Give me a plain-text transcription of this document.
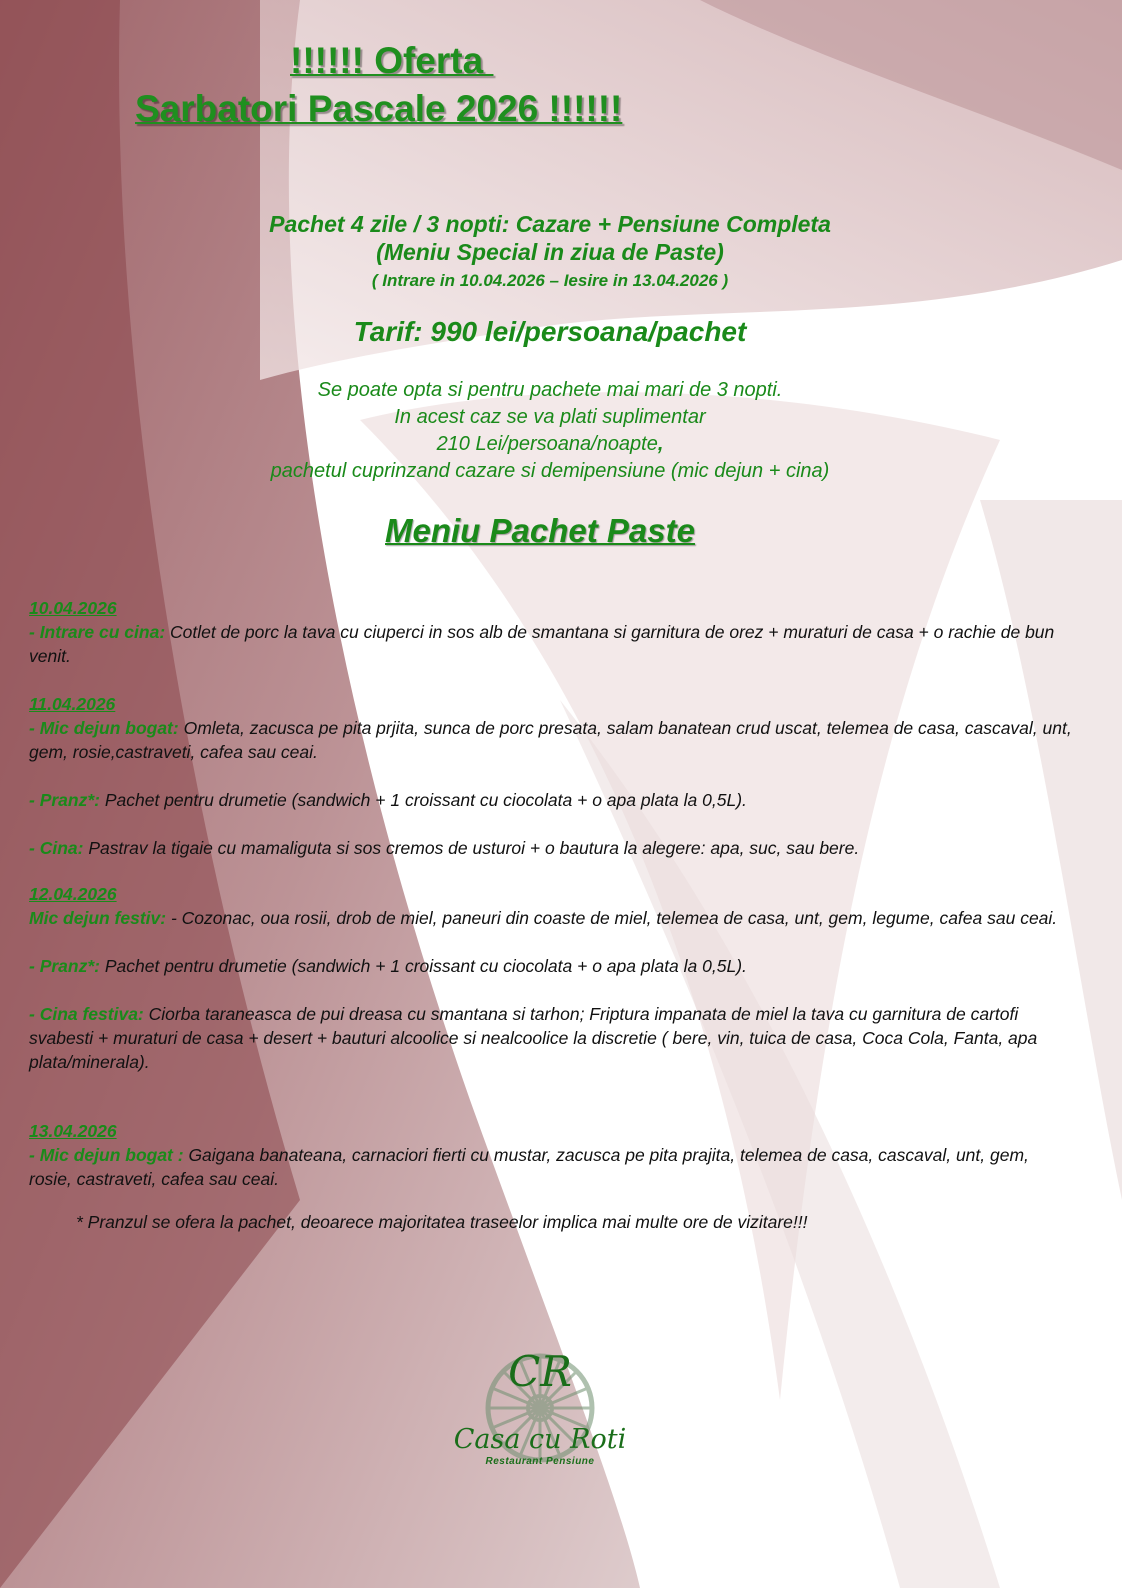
!!!!!! Oferta
Sarbatori Pascale 2026 !!!!!!
Pachet 4 zile / 3 nopti: Cazare + Pensiune Completa
(Meniu Special in ziua de Paste)
( Intrare in 10.04.2026 – Iesire in 13.04.2026 )
Tarif: 990 lei/persoana/pachet
Se poate opta si pentru pachete mai mari de 3 nopti.
In acest caz se va plati suplimentar
210 Lei/persoana/noapte,
pachetul cuprinzand cazare si demipensiune (mic dejun + cina)
Meniu Pachet Paste
10.04.2026
- Intrare cu cina: Cotlet de porc la tava cu ciuperci in sos alb de smantana si garnitura de orez + muraturi de casa + o rachie de bun venit.
11.04.2026
- Mic dejun bogat: Omleta, zacusca pe pita prjita, sunca de porc presata, salam banatean crud uscat, telemea de casa, cascaval, unt, gem, rosie,castraveti, cafea sau ceai.
- Pranz*: Pachet pentru drumetie (sandwich + 1 croissant cu ciocolata + o apa plata la 0,5L).
- Cina: Pastrav la tigaie cu mamaliguta si sos cremos de usturoi + o bautura la alegere: apa, suc, sau bere.
12.04.2026
Mic dejun festiv: - Cozonac, oua rosii, drob de miel, paneuri din coaste de miel, telemea de casa, unt, gem, legume, cafea sau ceai.
- Pranz*: Pachet pentru drumetie (sandwich + 1 croissant cu ciocolata + o apa plata la 0,5L).
- Cina festiva: Ciorba taraneasca de pui dreasa cu smantana si tarhon; Friptura impanata de miel la tava cu garnitura de cartofi svabesti + muraturi de casa + desert + bauturi alcoolice si nealcoolice la discretie ( bere, vin, tuica de casa, Coca Cola, Fanta, apa plata/minerala).
13.04.2026
- Mic dejun bogat : Gaigana banateana, carnaciori fierti cu mustar, zacusca pe pita prajita, telemea de casa, cascaval, unt, gem, rosie, castraveti, cafea sau ceai.
* Pranzul se ofera la pachet, deoarece majoritatea traseelor implica mai multe ore de vizitare!!!
CR
Casa cu Roti
Restaurant Pensiune
